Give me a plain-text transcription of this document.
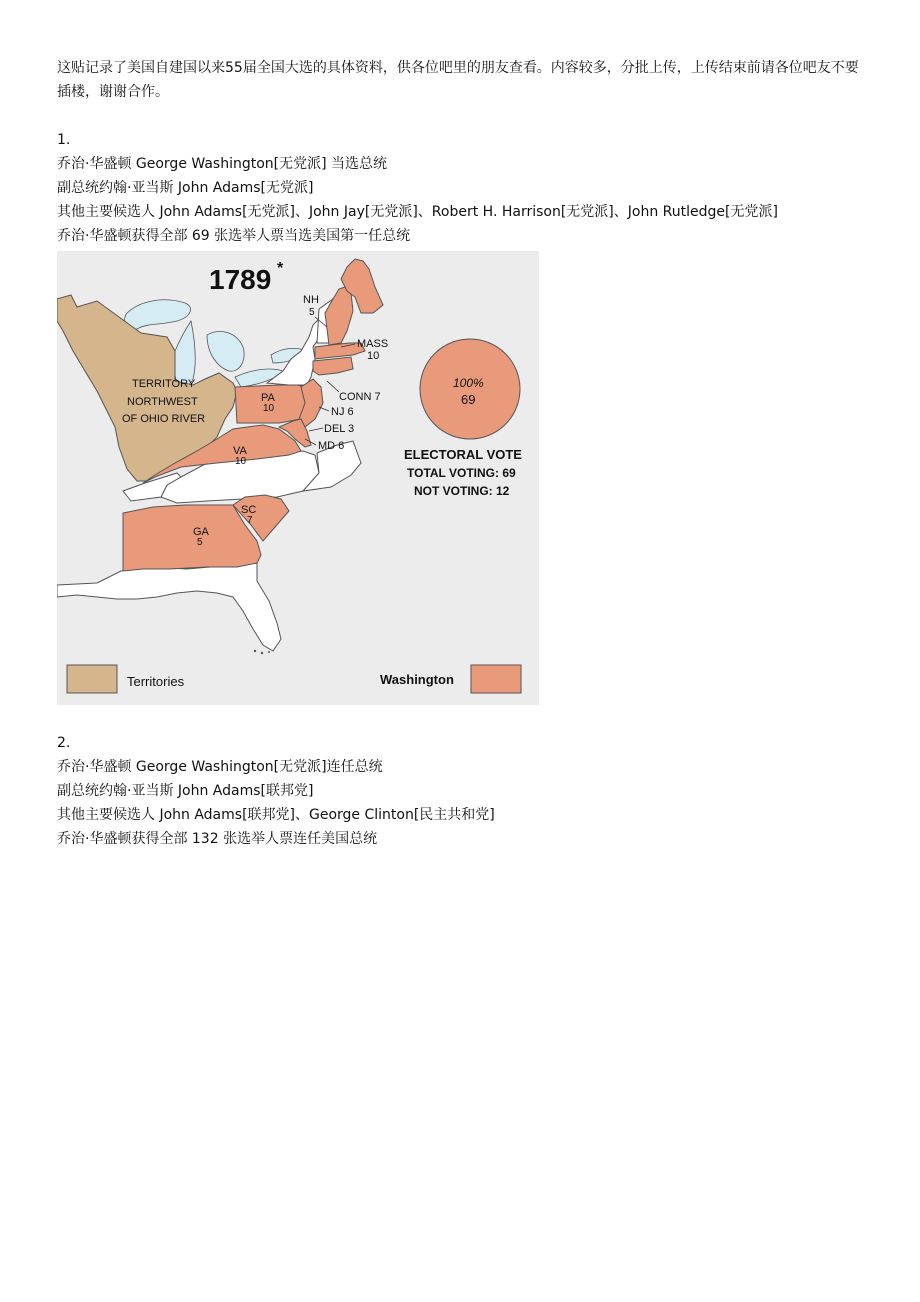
这贴记录了美国自建国以来55届全国大选的具体资料，供各位吧里的朋友查看。内容较多，分批上传，上传结束前请各位吧友不要插楼，谢谢合作。

1.

乔治·华盛顿 George Washington[无党派] 当选总统

副总统约翰·亚当斯 John Adams[无党派]

其他主要候选人 John Adams[无党派]、John Jay[无党派]、Robert H. Harrison[无党派]、John Rutledge[无党派]

乔治·华盛顿获得全部 69 张选举人票当选美国第一任总统

1789 *
TERRITORY
NORTHWEST
OF OHIO RIVER
NH
5
MASS
10
CONN 7
PA
10	NJ 6
DEL 3
MD 6
VA
10
SC
7
GA
5
100%
69
ELECTORAL VOTE
TOTAL VOTING: 69
NOT VOTING: 12
Territories	Washington

2.

乔治·华盛顿 George Washington[无党派]连任总统

副总统约翰·亚当斯 John Adams[联邦党]

其他主要候选人 John Adams[联邦党]、George Clinton[民主共和党]

乔治·华盛顿获得全部 132 张选举人票连任美国总统
